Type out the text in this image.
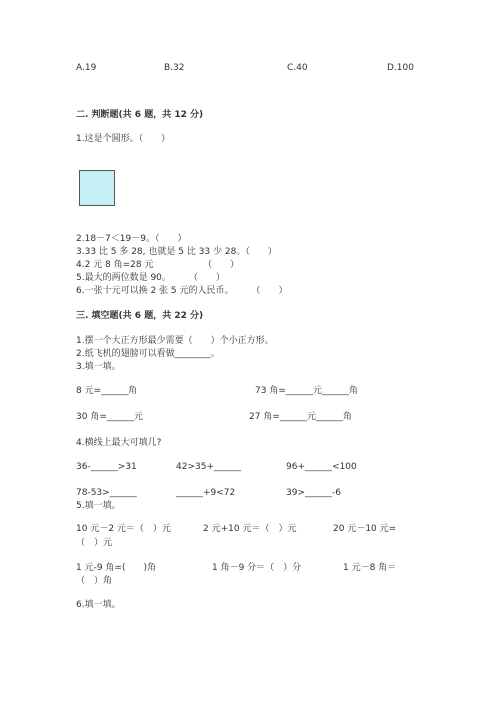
A.19	B.32	C.40	D.100
二. 判断题(共 6 题，共 12 分)
1.这是个圆形。（　　）
2.18－7＜19－9。（　　）
3.33 比 5 多 28, 也就是 5 比 33 少 28。（　　）
4.2 元 8 角=28 元　　　　　　（　　）
5.最大的两位数是 90。　　　（　　）
6.一张十元可以换 2 张 5 元的人民币。　　　（　　）
三. 填空题(共 6 题，共 22 分)
1.摆一个大正方形最少需要（　　）个小正方形。
2.纸飞机的翅膀可以看做________。
3.填一填。
8 元=______角	73 角=______元______角
30 角=______元	27 角=______元______角
4.横线上最大可填几?
36-______>31	42>35+______	96+______<100
78-53>______	______+9<72	39>______-6
5.填一填。
10 元－2 元＝（　）元	2 元+10 元＝（　）元	20 元－10 元=
（　）元
1 元-9 角=(　　)角	1 角－9 分＝（　）分	1 元－8 角＝
（　）角
6.填一填。
